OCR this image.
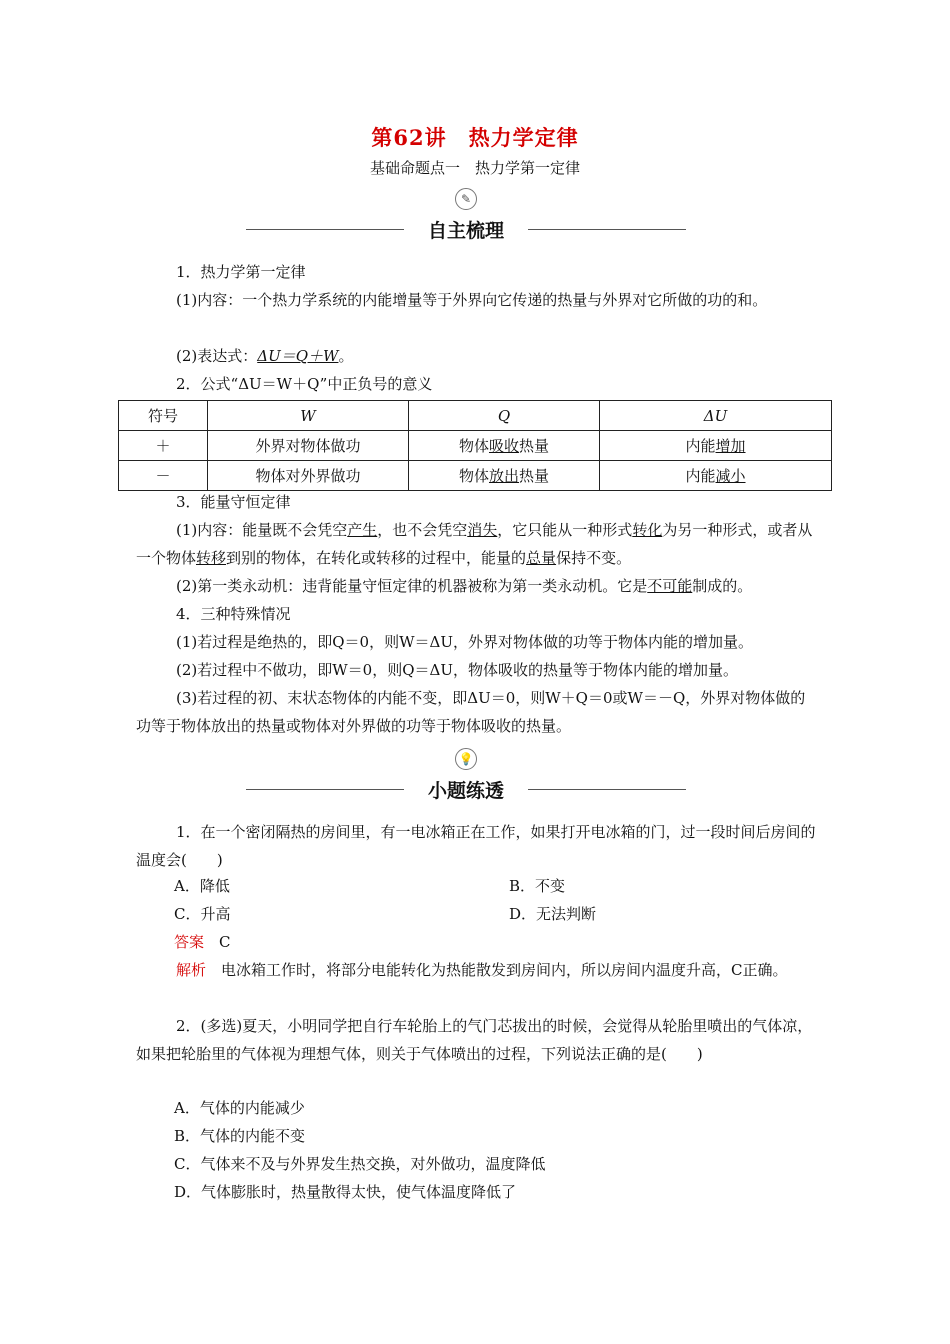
第62讲　热力学定律
基础命题点一　热力学第一定律
✎
自主梳理
1．热力学第一定律
(1)内容：一个热力学系统的内能增量等于外界向它传递的热量与外界对它所做的功的和。
(2)表达式：ΔU＝Q＋W。
2．公式“ΔU＝W＋Q”中正负号的意义
符号	W	Q	ΔU
＋	外界对物体做功	物体吸收热量	内能增加
－	物体对外界做功	物体放出热量	内能减小
3．能量守恒定律
(1)内容：能量既不会凭空产生，也不会凭空消失，它只能从一种形式转化为另一种形式，或者从一个物体转移到别的物体，在转化或转移的过程中，能量的总量保持不变。
(2)第一类永动机：违背能量守恒定律的机器被称为第一类永动机。它是不可能制成的。
4．三种特殊情况
(1)若过程是绝热的，即Q＝0，则W＝ΔU，外界对物体做的功等于物体内能的增加量。
(2)若过程中不做功，即W＝0，则Q＝ΔU，物体吸收的热量等于物体内能的增加量。
(3)若过程的初、末状态物体的内能不变，即ΔU＝0，则W＋Q＝0或W＝－Q，外界对物体做的功等于物体放出的热量或物体对外界做的功等于物体吸收的热量。
💡
小题练透
1．在一个密闭隔热的房间里，有一电冰箱正在工作，如果打开电冰箱的门，过一段时间后房间的温度会(　　)
A．降低	B．不变
C．升高	D．无法判断
答案　 C
解析　 电冰箱工作时，将部分电能转化为热能散发到房间内，所以房间内温度升高，C正确。
2．(多选)夏天，小明同学把自行车轮胎上的气门芯拔出的时候，会觉得从轮胎里喷出的气体凉，如果把轮胎里的气体视为理想气体，则关于气体喷出的过程，下列说法正确的是(　　)
A．气体的内能减少
B．气体的内能不变
C．气体来不及与外界发生热交换，对外做功，温度降低
D．气体膨胀时，热量散得太快，使气体温度降低了
